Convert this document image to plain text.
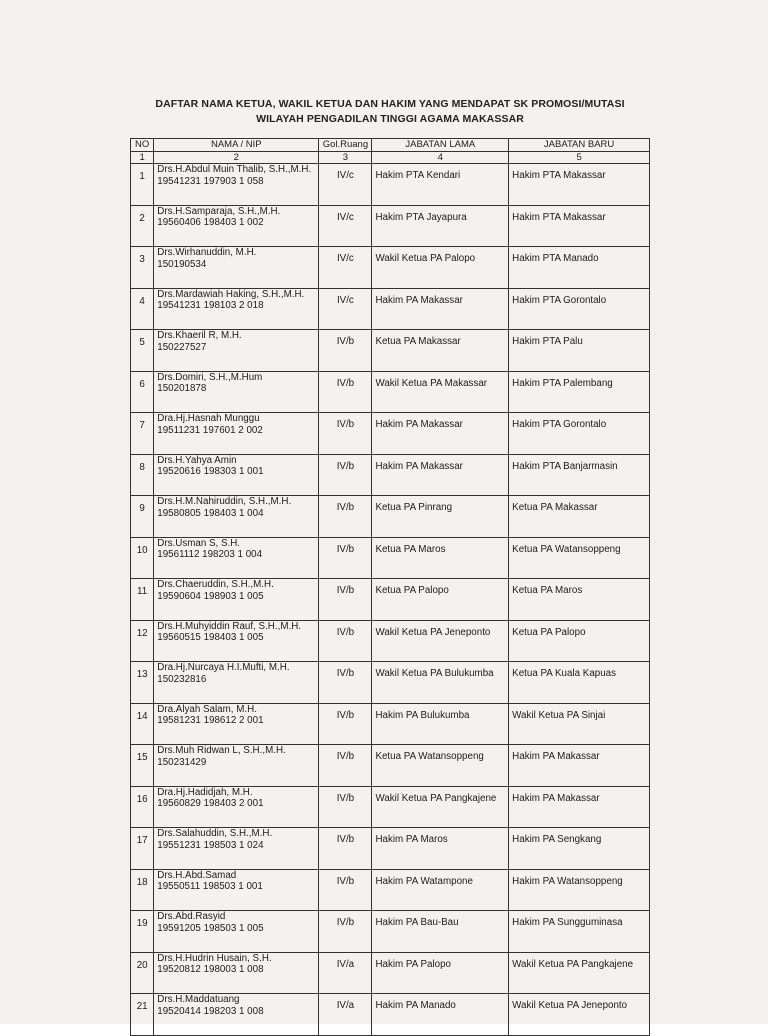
DAFTAR NAMA KETUA, WAKIL KETUA DAN HAKIM YANG MENDAPAT SK PROMOSI/MUTASI
WILAYAH PENGADILAN TINGGI AGAMA MAKASSAR
NO	NAMA / NIP	Gol.Ruang	JABATAN LAMA	JABATAN BARU
1	2	3	4	5
1	Drs.H.Abdul Muin Thalib, S.H.,M.H.
19541231 197903 1 058	IV/c	Hakim PTA Kendari	Hakim PTA Makassar
2	Drs.H.Samparaja, S.H.,M.H.
19560406 198403 1 002	IV/c	Hakim PTA Jayapura	Hakim PTA Makassar
3	Drs.Wirhanuddin, M.H.
150190534	IV/c	Wakil Ketua PA Palopo	Hakim PTA Manado
4	Drs.Mardawiah Haking, S.H.,M.H.
19541231 198103 2 018	IV/c	Hakim PA Makassar	Hakim PTA Gorontalo
5	Drs.Khaeril R, M.H.
150227527	IV/b	Ketua PA Makassar	Hakim PTA Palu
6	Drs.Domiri, S.H.,M.Hum
150201878	IV/b	Wakil Ketua PA Makassar	Hakim PTA Palembang
7	Dra.Hj.Hasnah Munggu
19511231 197601 2 002	IV/b	Hakim PA Makassar	Hakim PTA Gorontalo
8	Drs.H.Yahya Amin
19520616 198303 1 001	IV/b	Hakim PA Makassar	Hakim PTA Banjarmasin
9	Drs.H.M.Nahiruddin, S.H.,M.H.
19580805 198403 1 004	IV/b	Ketua PA Pinrang	Ketua PA Makassar
10	Drs.Usman S, S.H.
19561112 198203 1 004	IV/b	Ketua PA Maros	Ketua PA Watansoppeng
11	Drs.Chaeruddin, S.H.,M.H.
19590604 198903 1 005	IV/b	Ketua PA Palopo	Ketua PA Maros
12	Drs.H.Muhyiddin Rauf, S.H.,M.H.
19560515 198403 1 005	IV/b	Wakil Ketua PA Jeneponto	Ketua PA Palopo
13	Dra.Hj.Nurcaya H.I.Mufti, M.H.
150232816	IV/b	Wakil Ketua PA Bulukumba	Ketua PA Kuala Kapuas
14	Dra.Alyah Salam, M.H.
19581231 198612 2 001	IV/b	Hakim PA Bulukumba	Wakil Ketua PA Sinjai
15	Drs.Muh Ridwan L, S.H.,M.H.
150231429	IV/b	Ketua PA Watansoppeng	Hakim PA Makassar
16	Dra.Hj.Hadidjah, M.H.
19560829 198403 2 001	IV/b	Wakil Ketua PA Pangkajene	Hakim PA Makassar
17	Drs.Salahuddin, S.H.,M.H.
19551231 198503 1 024	IV/b	Hakim PA Maros	Hakim PA Sengkang
18	Drs.H.Abd.Samad
19550511 198503 1 001	IV/b	Hakim PA Watampone	Hakim PA Watansoppeng
19	Drs.Abd.Rasyid
19591205 198503 1 005	IV/b	Hakim PA Bau-Bau	Hakim PA Sungguminasa
20	Drs.H.Hudrin Husain, S.H.
19520812 198003 1 008	IV/a	Hakim PA Palopo	Wakil Ketua PA Pangkajene
21	Drs.H.Maddatuang
19520414 198203 1 008	IV/a	Hakim PA Manado	Wakil Ketua PA Jeneponto
